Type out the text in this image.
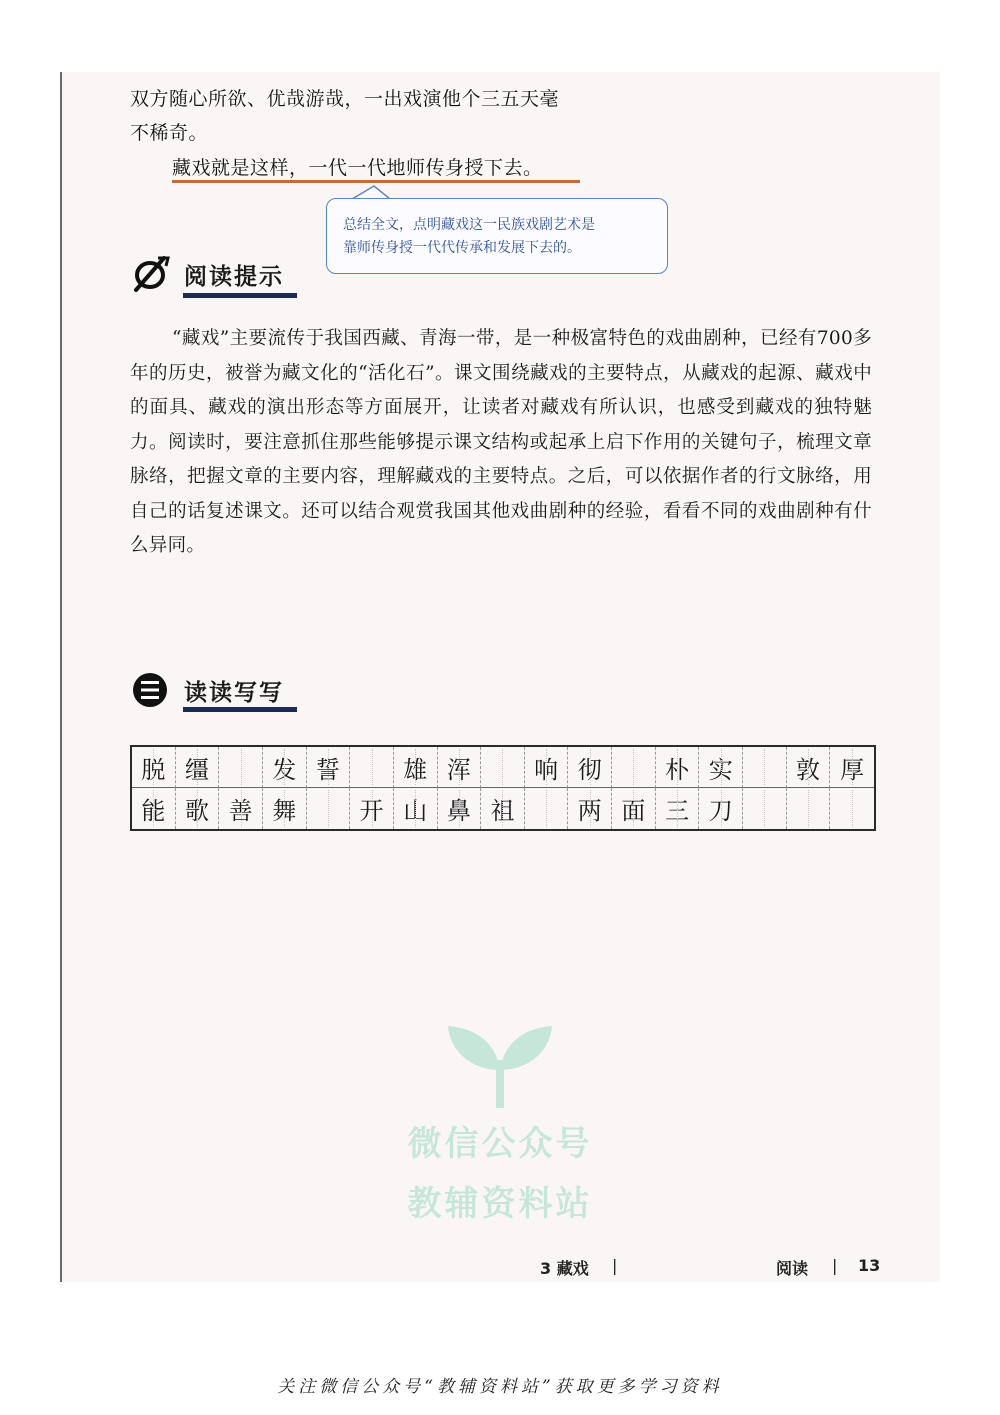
双方随心所欲、优哉游哉，一出戏演他个三五天毫
不稀奇。
藏戏就是这样，一代一代地师传身授下去。
总结全文，点明藏戏这一民族戏剧艺术是
靠师传身授一代代传承和发展下去的。
阅读提示
“藏戏”主要流传于我国西藏、青海一带，是一种极富特色的戏曲剧种，已经有700多年的历史，被誉为藏文化的“活化石”。课文围绕藏戏的主要特点，从藏戏的起源、藏戏中的面具、藏戏的演出形态等方面展开，让读者对藏戏有所认识，也感受到藏戏的独特魅力。阅读时，要注意抓住那些能够提示课文结构或起承上启下作用的关键句子，梳理文章脉络，把握文章的主要内容，理解藏戏的主要特点。之后，可以依据作者的行文脉络，用自己的话复述课文。还可以结合观赏我国其他戏曲剧种的经验，看看不同的戏曲剧种有什么异同。
读读写写
脱 缰	发 誓	雄 浑	响 彻	朴 实	敦 厚
能 歌 善 舞	开 山 鼻 祖	两 面 三 刀
3 藏戏 |	阅读 | 13
微信公众号
教辅资料站
关注微信公众号“教辅资料站”获取更多学习资料
